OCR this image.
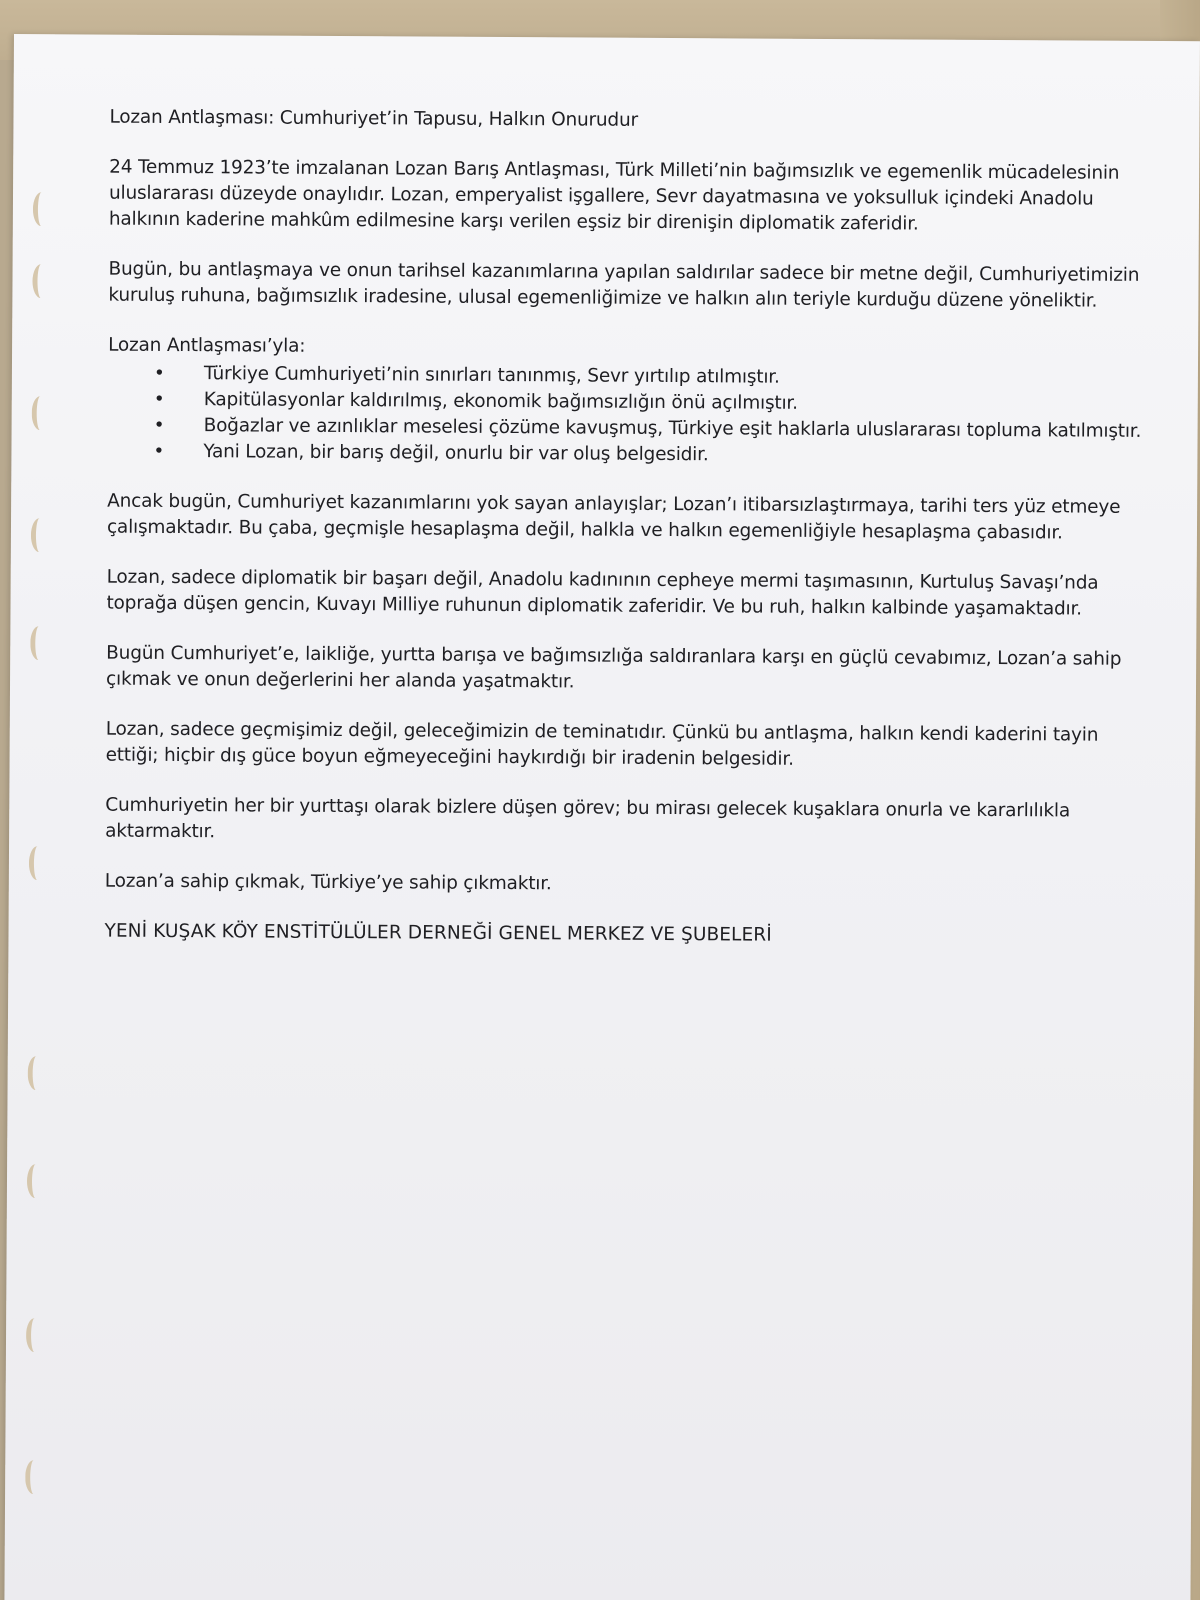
Lozan Antlaşması: Cumhuriyet’in Tapusu, Halkın Onurudur

24 Temmuz 1923’te imzalanan Lozan Barış Antlaşması, Türk Milleti’nin bağımsızlık ve egemenlik mücadelesinin uluslararası düzeyde onaylıdır. Lozan, emperyalist işgallere, Sevr dayatmasına ve yoksulluk içindeki Anadolu halkının kaderine mahkûm edilmesine karşı verilen eşsiz bir direnişin diplomatik zaferidir.

Bugün, bu antlaşmaya ve onun tarihsel kazanımlarına yapılan saldırılar sadece bir metne değil, Cumhuriyetimizin kuruluş ruhuna, bağımsızlık iradesine, ulusal egemenliğimize ve halkın alın teriyle kurduğu düzene yöneliktir.

Lozan Antlaşması’yla:

• Türkiye Cumhuriyeti’nin sınırları tanınmış, Sevr yırtılıp atılmıştır.
• Kapitülasyonlar kaldırılmış, ekonomik bağımsızlığın önü açılmıştır.
• Boğazlar ve azınlıklar meselesi çözüme kavuşmuş, Türkiye eşit haklarla uluslararası topluma katılmıştır.
• Yani Lozan, bir barış değil, onurlu bir var oluş belgesidir.

Ancak bugün, Cumhuriyet kazanımlarını yok sayan anlayışlar; Lozan’ı itibarsızlaştırmaya, tarihi ters yüz etmeye çalışmaktadır. Bu çaba, geçmişle hesaplaşma değil, halkla ve halkın egemenliğiyle hesaplaşma çabasıdır.

Lozan, sadece diplomatik bir başarı değil, Anadolu kadınının cepheye mermi taşımasının, Kurtuluş Savaşı’nda toprağa düşen gencin, Kuvayı Milliye ruhunun diplomatik zaferidir. Ve bu ruh, halkın kalbinde yaşamaktadır.

Bugün Cumhuriyet’e, laikliğe, yurtta barışa ve bağımsızlığa saldıranlara karşı en güçlü cevabımız, Lozan’a sahip çıkmak ve onun değerlerini her alanda yaşatmaktır.

Lozan, sadece geçmişimiz değil, geleceğimizin de teminatıdır. Çünkü bu antlaşma, halkın kendi kaderini tayin ettiği; hiçbir dış güce boyun eğmeyeceğini haykırdığı bir iradenin belgesidir.

Cumhuriyetin her bir yurttaşı olarak bizlere düşen görev; bu mirası gelecek kuşaklara onurla ve kararlılıkla aktarmaktır.

Lozan’a sahip çıkmak, Türkiye’ye sahip çıkmaktır.

YENİ KUŞAK KÖY ENSTİTÜLÜLER DERNEĞİ GENEL MERKEZ VE ŞUBELERİ
